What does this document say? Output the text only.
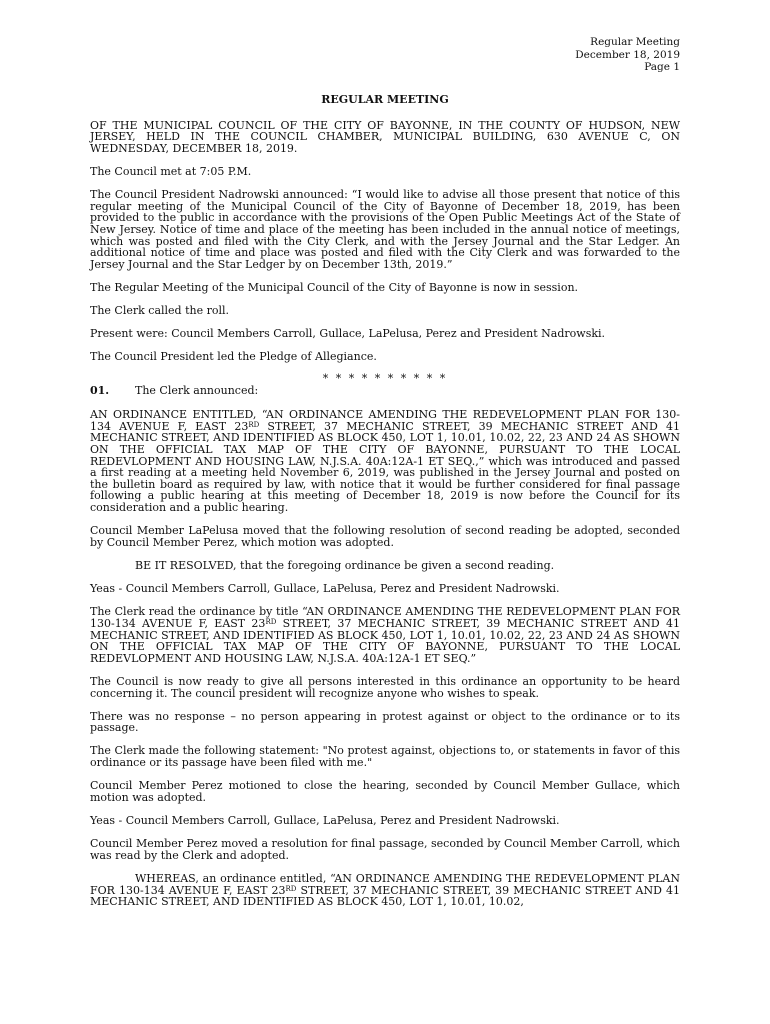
Regular Meeting
December 18, 2019
Page 1

REGULAR MEETING

OF THE MUNICIPAL COUNCIL OF THE CITY OF BAYONNE, IN THE COUNTY OF HUDSON, NEW JERSEY, HELD IN THE COUNCIL CHAMBER, MUNICIPAL BUILDING, 630 AVENUE C, ON WEDNESDAY, DECEMBER 18, 2019.

The Council met at 7:05 P.M.

The Council President Nadrowski announced: “I would like to advise all those present that notice of this regular meeting of the Municipal Council of the City of Bayonne of December 18, 2019, has been provided to the public in accordance with the provisions of the Open Public Meetings Act of the State of New Jersey. Notice of time and place of the meeting has been included in the annual notice of meetings, which was posted and filed with the City Clerk, and with the Jersey Journal and the Star Ledger. An additional notice of time and place was posted and filed with the City Clerk and was forwarded to the Jersey Journal and the Star Ledger by on December 13th, 2019.”

The Regular Meeting of the Municipal Council of the City of Bayonne is now in session.

The Clerk called the roll.

Present were: Council Members Carroll, Gullace, LaPelusa, Perez and President Nadrowski.

The Council President led the Pledge of Allegiance.

* * * * * * * * * *

01.	The Clerk announced:

AN ORDINANCE ENTITLED, “AN ORDINANCE AMENDING THE REDEVELOPMENT PLAN FOR 130-134 AVENUE F, EAST 23RD STREET, 37 MECHANIC STREET, 39 MECHANIC STREET AND 41 MECHANIC STREET, AND IDENTIFIED AS BLOCK 450, LOT 1, 10.01, 10.02, 22, 23 AND 24 AS SHOWN ON THE OFFICIAL TAX MAP OF THE CITY OF BAYONNE, PURSUANT TO THE LOCAL REDEVLOPMENT AND HOUSING LAW, N.J.S.A. 40A:12A-1 ET SEQ.,” which was introduced and passed a first reading at a meeting held November 6, 2019, was published in the Jersey Journal and posted on the bulletin board as required by law, with notice that it would be further considered for final passage following a public hearing at this meeting of December 18, 2019 is now before the Council for its consideration and a public hearing.

Council Member LaPelusa moved that the following resolution of second reading be adopted, seconded by Council Member Perez, which motion was adopted.

BE IT RESOLVED, that the foregoing ordinance be given a second reading.

Yeas - Council Members Carroll, Gullace, LaPelusa, Perez and President Nadrowski.

The Clerk read the ordinance by title “AN ORDINANCE AMENDING THE REDEVELOPMENT PLAN FOR 130-134 AVENUE F, EAST 23RD STREET, 37 MECHANIC STREET, 39 MECHANIC STREET AND 41 MECHANIC STREET, AND IDENTIFIED AS BLOCK 450, LOT 1, 10.01, 10.02, 22, 23 AND 24 AS SHOWN ON THE OFFICIAL TAX MAP OF THE CITY OF BAYONNE, PURSUANT TO THE LOCAL REDEVLOPMENT AND HOUSING LAW, N.J.S.A. 40A:12A-1 ET SEQ.”

The Council is now ready to give all persons interested in this ordinance an opportunity to be heard concerning it. The council president will recognize anyone who wishes to speak.

There was no response – no person appearing in protest against or object to the ordinance or to its passage.

The Clerk made the following statement: "No protest against, objections to, or statements in favor of this ordinance or its passage have been filed with me."

Council Member Perez motioned to close the hearing, seconded by Council Member Gullace, which motion was adopted.

Yeas - Council Members Carroll, Gullace, LaPelusa, Perez and President Nadrowski.

Council Member Perez moved a resolution for final passage, seconded by Council Member Carroll, which was read by the Clerk and adopted.

WHEREAS, an ordinance entitled, “AN ORDINANCE AMENDING THE REDEVELOPMENT PLAN FOR 130-134 AVENUE F, EAST 23RD STREET, 37 MECHANIC STREET, 39 MECHANIC STREET AND 41 MECHANIC STREET, AND IDENTIFIED AS BLOCK 450, LOT 1, 10.01, 10.02,
